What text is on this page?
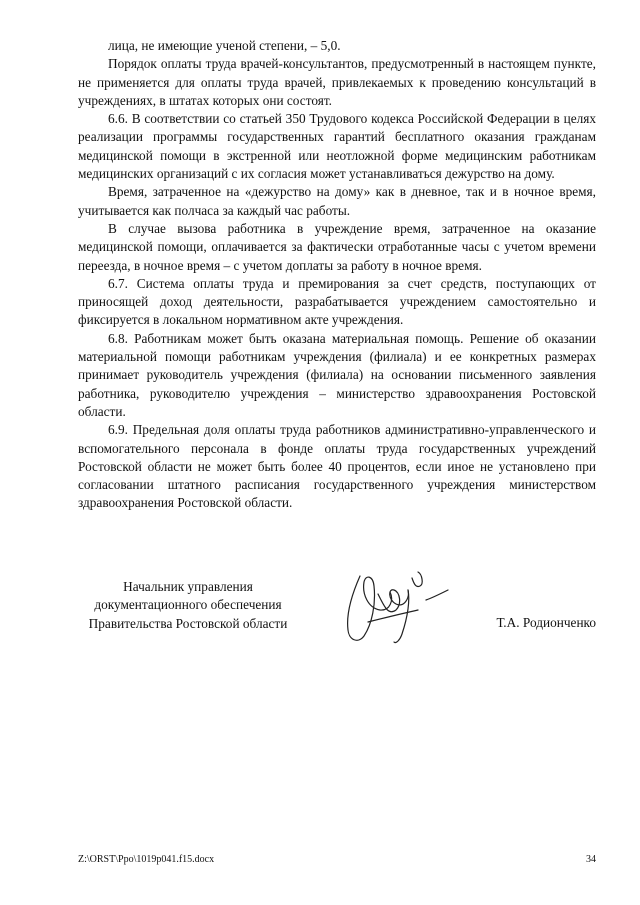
лица, не имеющие ученой степени, – 5,0.

Порядок оплаты труда врачей-консультантов, предусмотренный в настоящем пункте, не применяется для оплаты труда врачей, привлекаемых к проведению консультаций в учреждениях, в штатах которых они состоят.

6.6. В соответствии со статьей 350 Трудового кодекса Российской Федерации в целях реализации программы государственных гарантий бесплатного оказания гражданам медицинской помощи в экстренной или неотложной форме медицинским работникам медицинских организаций с их согласия может устанавливаться дежурство на дому.

Время, затраченное на «дежурство на дому» как в дневное, так и в ночное время, учитывается как полчаса за каждый час работы.

В случае вызова работника в учреждение время, затраченное на оказание медицинской помощи, оплачивается за фактически отработанные часы с учетом времени переезда, в ночное время – с учетом доплаты за работу в ночное время.

6.7. Система оплаты труда и премирования за счет средств, поступающих от приносящей доход деятельности, разрабатывается учреждением самостоятельно и фиксируется в локальном нормативном акте учреждения.

6.8. Работникам может быть оказана материальная помощь. Решение об оказании материальной помощи работникам учреждения (филиала) и ее конкретных размерах принимает руководитель учреждения (филиала) на основании письменного заявления работника, руководителю учреждения – министерство здравоохранения Ростовской области.

6.9. Предельная доля оплаты труда работников административно-управленческого и вспомогательного персонала в фонде оплаты труда государственных учреждений Ростовской области не может быть более 40 процентов, если иное не установлено при согласовании штатного расписания государственного учреждения министерством здравоохранения Ростовской области.

Начальник управления
документационного обеспечения
Правительства Ростовской области	Т.А. Родионченко
Z:\ORST\Ppo\1019p041.f15.docx	34
